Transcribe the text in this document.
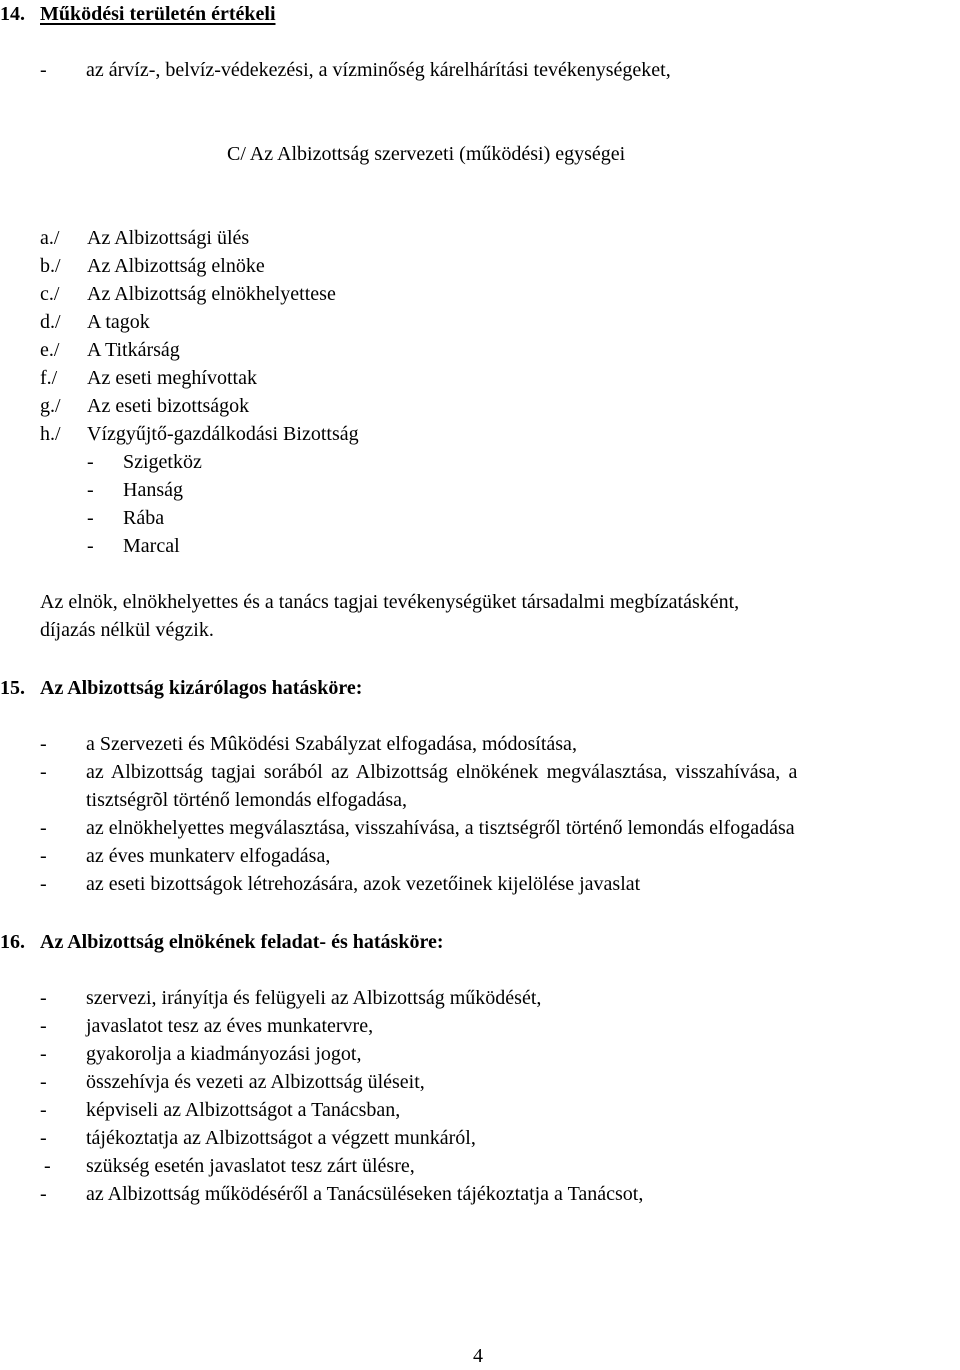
14. Működési területén értékeli
- az árvíz-, belvíz-védekezési, a vízminőség kárelhárítási tevékenységeket,
C/ Az Albizottság szervezeti (működési) egységei
a./ Az Albizottsági ülés
b./ Az Albizottság elnöke
c./ Az Albizottság elnökhelyettese
d./ A tagok
e./ A Titkárság
f./ Az eseti meghívottak
g./ Az eseti bizottságok
h./ Vízgyűjtő-gazdálkodási Bizottság
- Szigetköz
- Hanság
- Rába
- Marcal
Az elnök, elnökhelyettes és a tanács tagjai tevékenységüket társadalmi megbízatásként,
díjazás nélkül végzik.
15. Az Albizottság kizárólagos hatásköre:
- a Szervezeti és Mûködési Szabályzat elfogadása, módosítása,
- az Albizottság tagjai sorából az Albizottság elnökének megválasztása, visszahívása, a
tisztségrõl történő lemondás elfogadása,
- az elnökhelyettes megválasztása, visszahívása, a tisztségről történő lemondás elfogadása
- az éves munkaterv elfogadása,
- az eseti bizottságok létrehozására, azok vezetőinek kijelölése javaslat
16. Az Albizottság elnökének feladat- és hatásköre:
- szervezi, irányítja és felügyeli az Albizottság működését,
- javaslatot tesz az éves munkatervre,
- gyakorolja a kiadmányozási jogot,
- összehívja és vezeti az Albizottság üléseit,
- képviseli az Albizottságot a Tanácsban,
- tájékoztatja az Albizottságot a végzett munkáról,
- szükség esetén javaslatot tesz zárt ülésre,
- az Albizottság működéséről a Tanácsüléseken tájékoztatja a Tanácsot,
4
